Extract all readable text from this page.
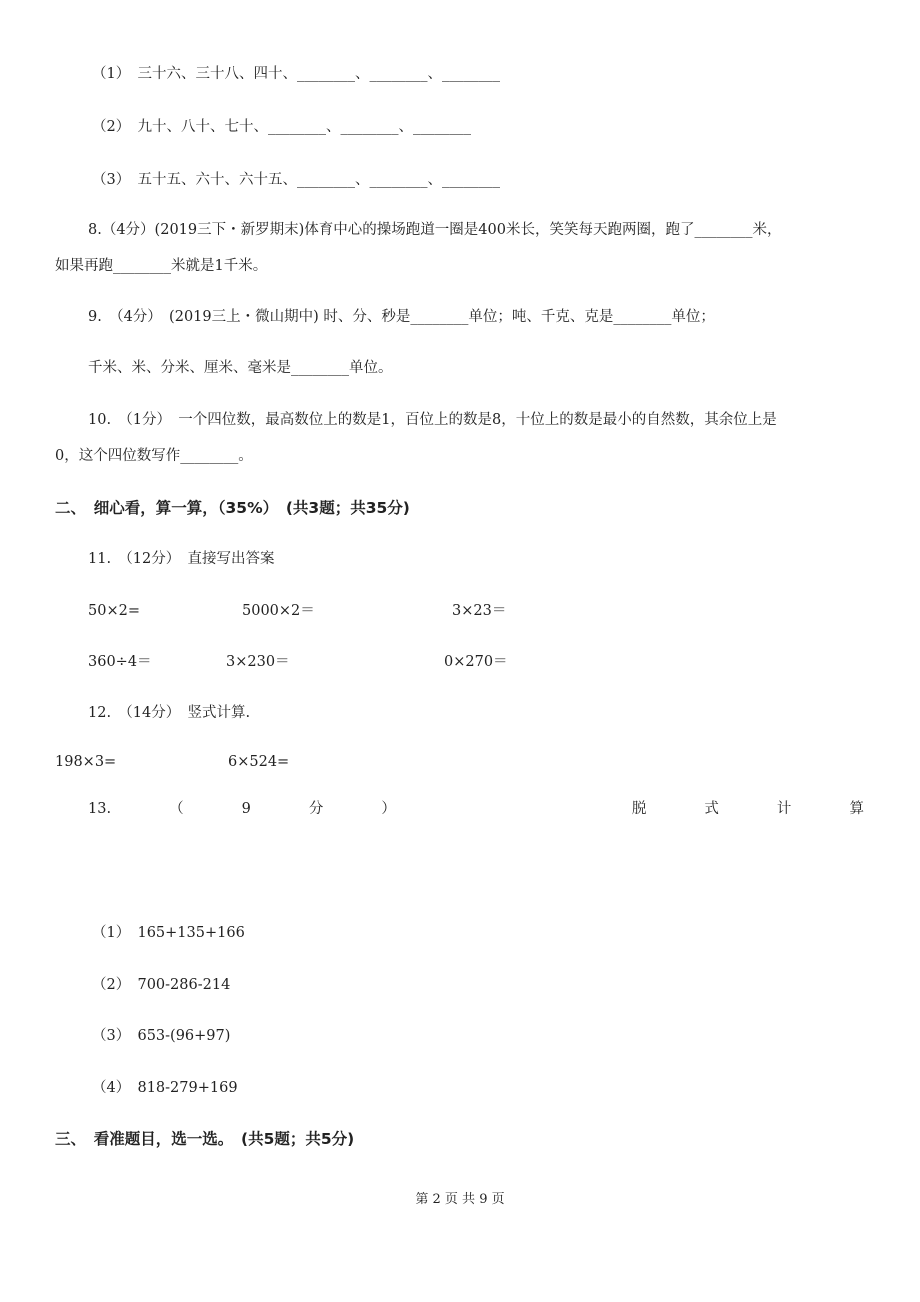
（1）　三十六、三十八、四十、________、________、________
（2）　九十、八十、七十、________、________、________
（3）　五十五、六十、六十五、________、________、________
8.（4分）(2019三下・新罗期末)体育中心的操场跑道一圈是400米长，笑笑每天跑两圈，跑了________米，
如果再跑________米就是1千米。
9.　（4分）　(2019三上・微山期中) 时、分、秒是________单位；吨、千克、克是________单位；
千米、米、分米、厘米、毫米是________单位。
10.　（1分）　一个四位数，最高数位上的数是1，百位上的数是8，十位上的数是最小的自然数，其余位上是
0，这个四位数写作________。
二、　细心看，算一算，（35%）　(共3题；共35分)
11.　（12分）　直接写出答案
50×2=	5000×2＝	3×23＝
360÷4＝	3×230＝	0×270＝
12.　（14分）　竖式计算.
198×3=	6×524=
13.	（	9	分	）	脱	式	计	算
（1）　165+135+166
（2）　700-286-214
（3）　653-(96+97)
（4）　818-279+169
三、　看准题目，选一选。　(共5题；共5分)
第 2 页 共 9 页
